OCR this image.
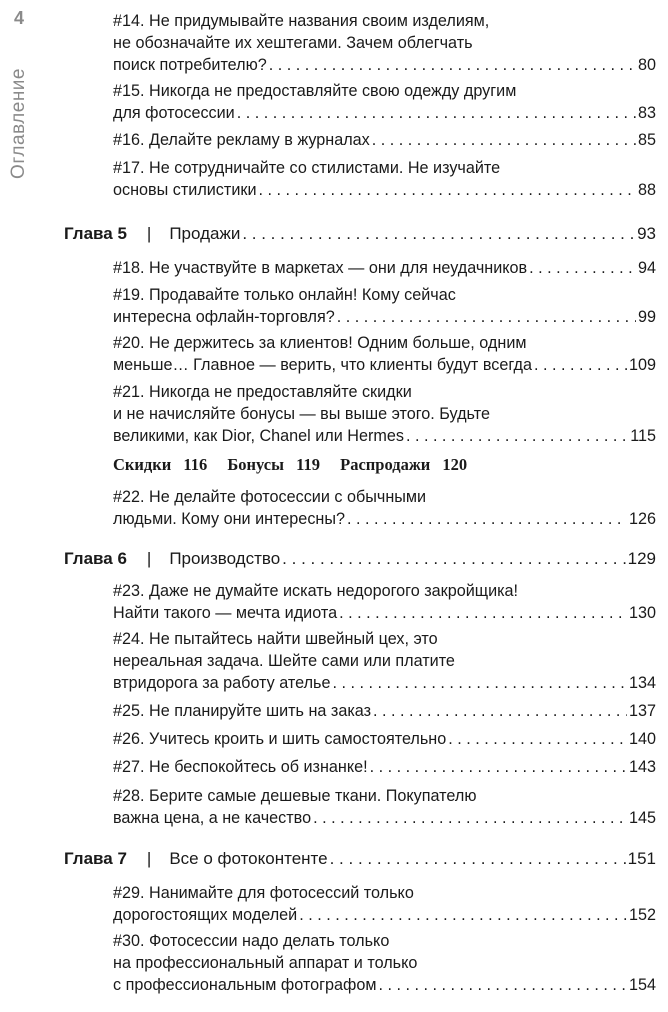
4
Оглавление
#14. Не придумывайте названия своим изделиям,
не обозначайте их хештегами. Зачем облегчать
поиск потребителю? . . .	80
#15. Никогда не предоставляйте свою одежду другим
для фотосессии . . .	83
#16. Делайте рекламу в журналах . . .	85
#17. Не сотрудничайте со стилистами. Не изучайте
основы стилистики . . .	88
Глава 5 | Продажи . . .	93
#18. Не участвуйте в маркетах — они для неудачников . . .	94
#19. Продавайте только онлайн! Кому сейчас
интересна офлайн-торговля? . . .	99
#20. Не держитесь за клиентов! Одним больше, одним
меньше… Главное — верить, что клиенты будут всегда . . .	109
#21. Никогда не предоставляйте скидки
и не начисляйте бонусы — вы выше этого. Будьте
великими, как Dior, Chanel или Hermes . . .	115
Скидки 116 Бонусы 119 Распродажи 120
#22. Не делайте фотосессии с обычными
людьми. Кому они интересны? . . .	126
Глава 6 | Производство . . .	129
#23. Даже не думайте искать недорогого закройщика!
Найти такого — мечта идиота . . .	130
#24. Не пытайтесь найти швейный цех, это
нереальная задача. Шейте сами или платите
втридорога за работу ателье . . .	134
#25. Не планируйте шить на заказ . . .	137
#26. Учитесь кроить и шить самостоятельно . . .	140
#27. Не беспокойтесь об изнанке! . . .	143
#28. Берите самые дешевые ткани. Покупателю
важна цена, а не качество . . .	145
Глава 7 | Все о фотоконтенте . . .	151
#29. Нанимайте для фотосессий только
дорогостоящих моделей . . .	152
#30. Фотосессии надо делать только
на профессиональный аппарат и только
с профессиональным фотографом . . .	154
